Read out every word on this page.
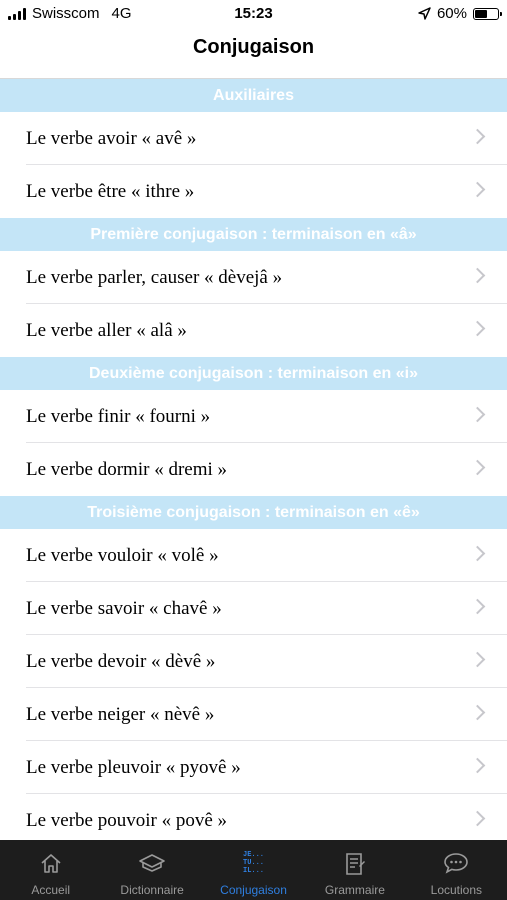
Swisscom 4G	15:23	60%
Conjugaison
Auxiliaires
Le verbe avoir « avê »
Le verbe être « ithre »
Première conjugaison : terminaison en «â»
Le verbe parler, causer « dèvejâ »
Le verbe aller « alâ »
Deuxième conjugaison : terminaison en «i»
Le verbe finir « fourni »
Le verbe dormir « dremi »
Troisième conjugaison : terminaison en «ê»
Le verbe vouloir « volê »
Le verbe savoir « chavê »
Le verbe devoir « dèvê »
Le verbe neiger « nèvê »
Le verbe pleuvoir « pyovê »
Le verbe pouvoir « povê »
Accueil	Dictionnaire
JE...
TU...
IL...
Conjugaison	Grammaire	Locutions
